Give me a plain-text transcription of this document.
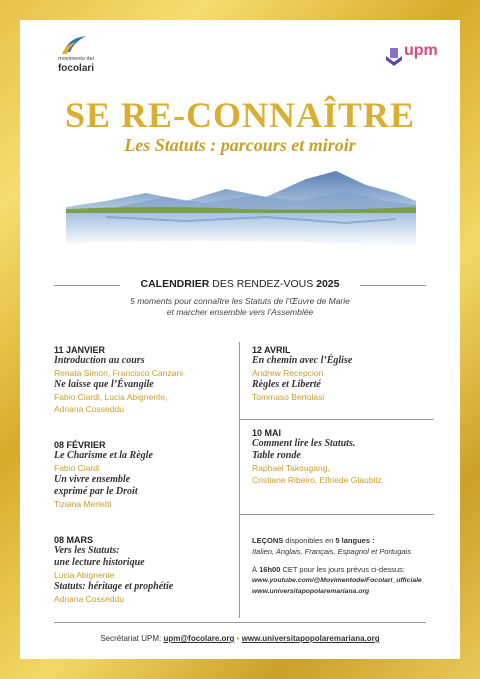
movimento dei
focolari
upm
SE RE-CONNAÎTRE
Les Statuts : parcours et miroir
CALENDRIER DES RENDEZ-VOUS 2025
5 moments pour connaître les Statuts de l’Œuvre de Marie
et marcher ensemble vers l’Assemblée
11 JANVIER
Introduction au cours
Renata Simon, Francisco Canzani
Ne laisse que l’Évangile
Fabio Ciardi, Lucia Abignente,
Adriana Cosseddu
08 FÉVRIER
Le Charisme et la Règle
Fabio Ciardi
Un vivre ensemble
exprimé par le Droit
Tiziana Merletti
08 MARS
Vers les Statuts:
une lecture historique
Lucia Abignente
Statuts: héritage et prophétie
Adriana Cosseddu
12 AVRIL
En chemin avec l’Église
Andrew Recepcion
Règles et Liberté
Tommaso Bertolasi
10 MAI
Comment lire les Statuts.
Table ronde
Raphael Takougang,
Cristiane Ribeiro, Elfriede Glaubitz
LEÇONS disponibles en 5 langues :
Italien, Anglais, Français, Espagnol et Portugais
À 16h00 CET pour les jours prévus ci-dessus:
www.youtube.com/@MovimentodeiFocolari_ufficiale
www.universitapopolaremariana.org
Secrétariat UPM: upm@focolare.org • www.universitapopolaremariana.org
